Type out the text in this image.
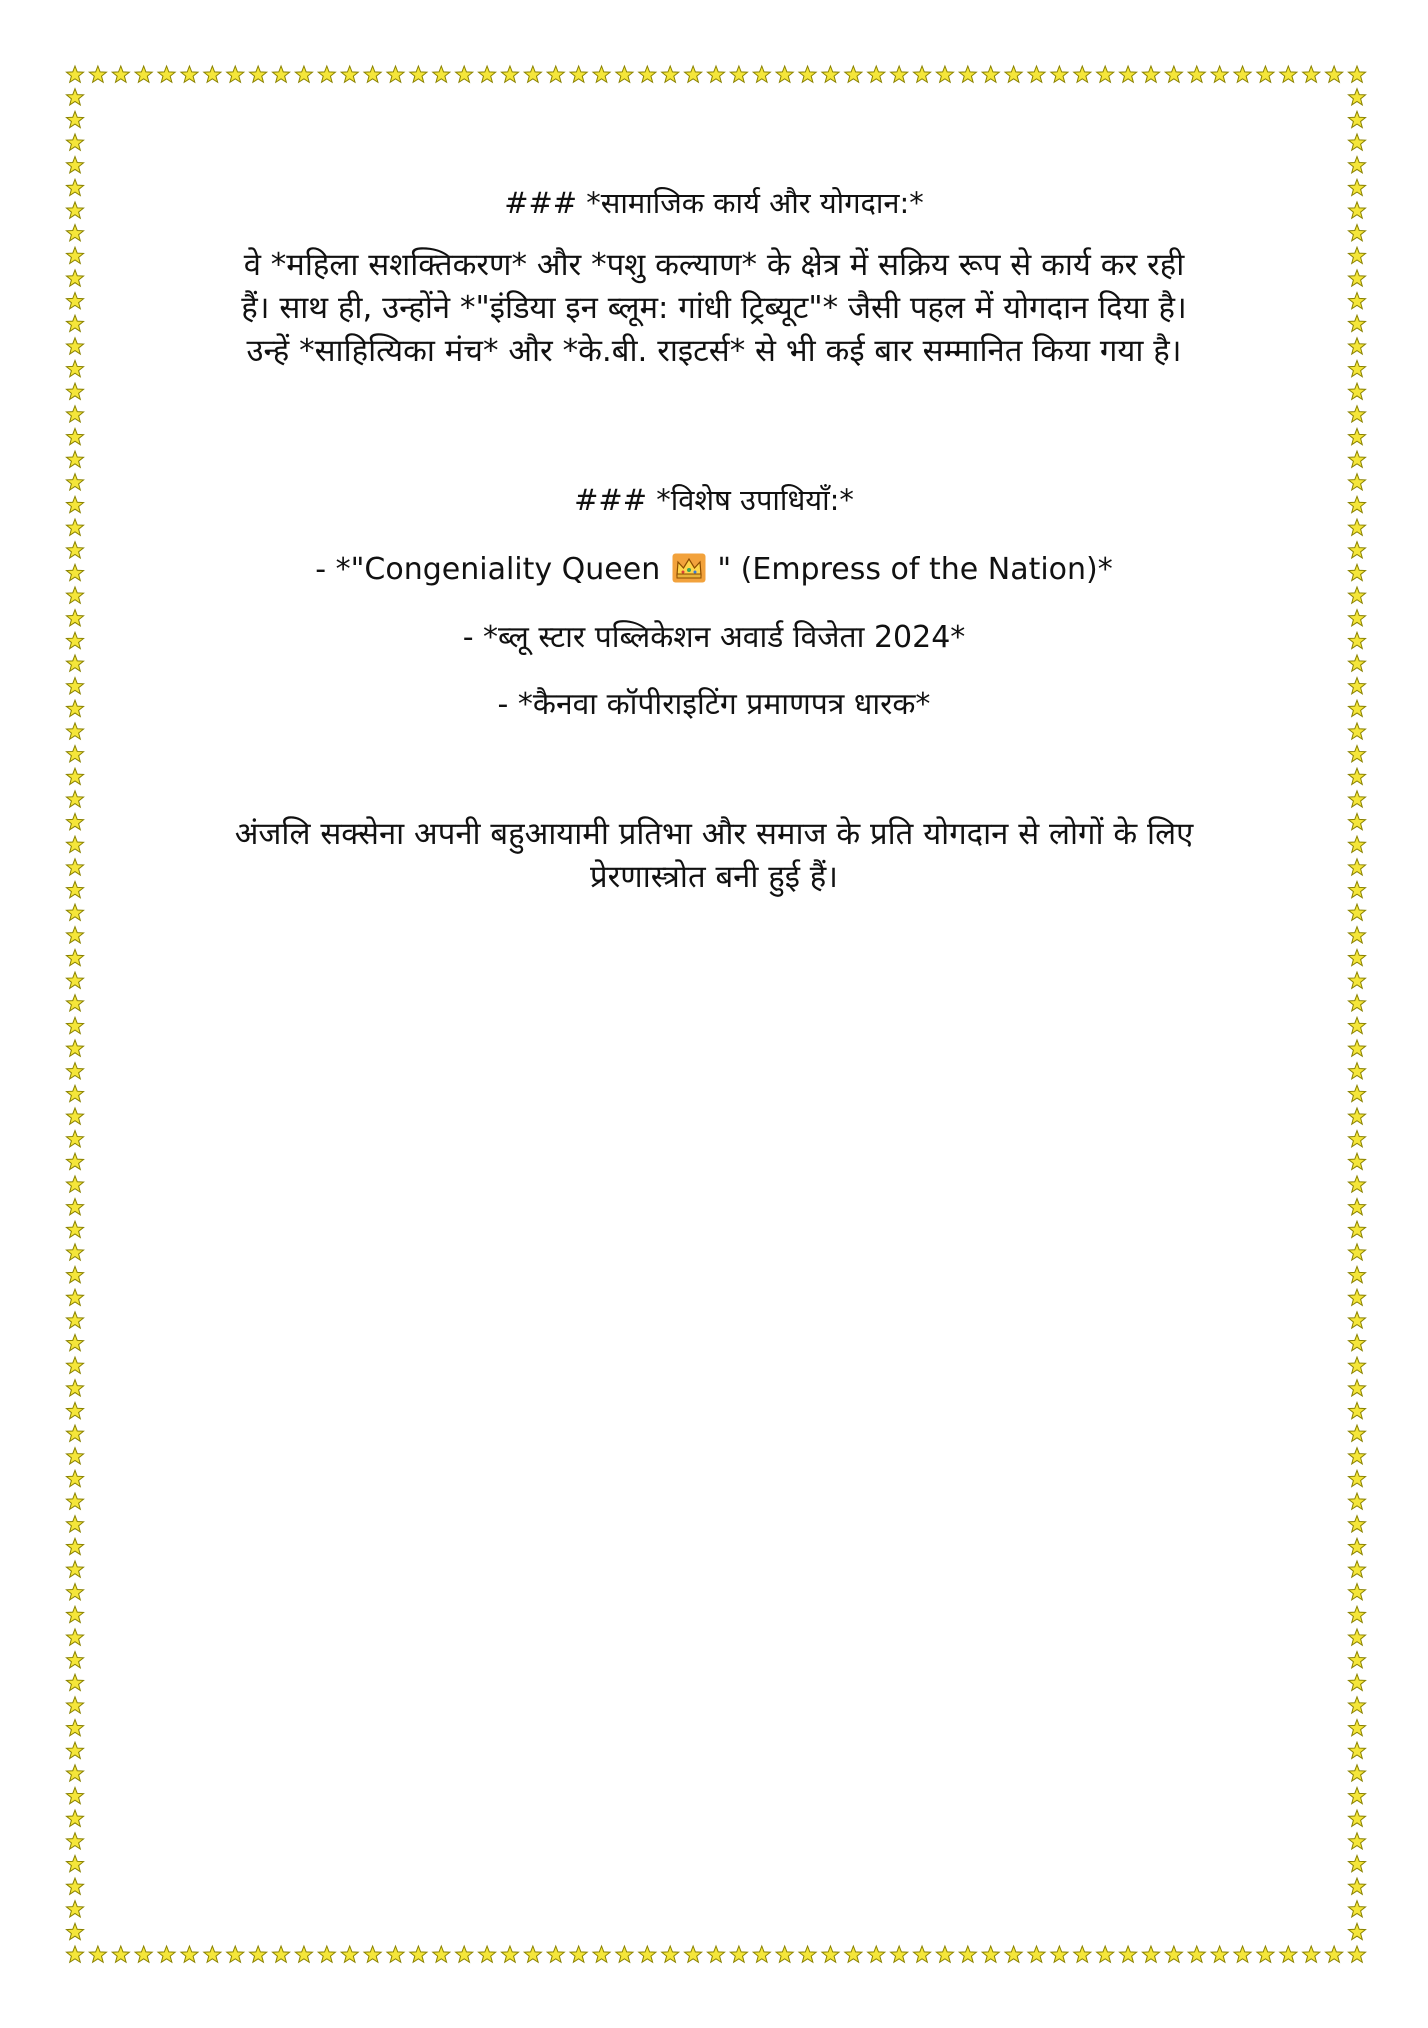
### *सामाजिक कार्य और योगदान:*

वे *महिला सशक्तिकरण* और *पशु कल्याण* के क्षेत्र में सक्रिय रूप से कार्य कर रही

हैं। साथ ही, उन्होंने *"इंडिया इन ब्लूम: गांधी ट्रिब्यूट"* जैसी पहल में योगदान दिया है।

उन्हें *साहित्यिका मंच* और *के.बी. राइटर्स* से भी कई बार सम्मानित किया गया है।

### *विशेष उपाधियाँ:*

- *"Congeniality Queen " (Empress of the Nation)*

- *ब्लू स्टार पब्लिकेशन अवार्ड विजेता 2024*

- *कैनवा कॉपीराइटिंग प्रमाणपत्र धारक*

अंजलि सक्सेना अपनी बहुआयामी प्रतिभा और समाज के प्रति योगदान से लोगों के लिए

प्रेरणास्त्रोत बनी हुई हैं।
